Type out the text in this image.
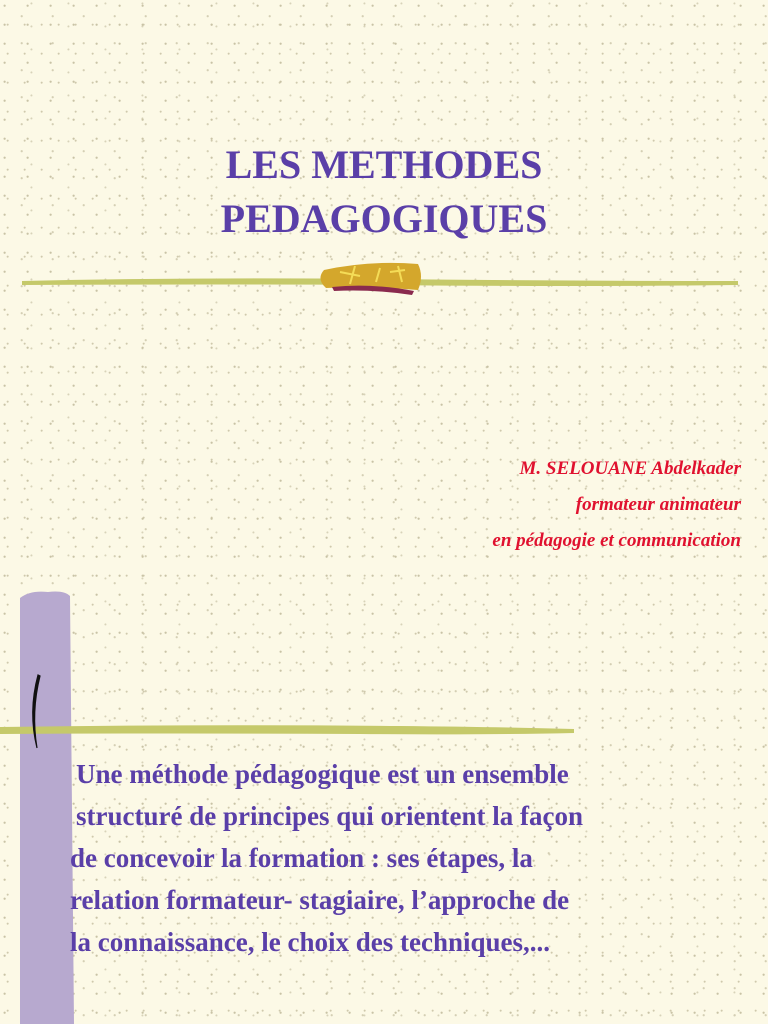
LES METHODES
PEDAGOGIQUES
M. SELOUANE Abdelkader
formateur animateur
en pédagogie et communication
Une méthode pédagogique est un ensemble
structuré de principes qui orientent la façon
de concevoir la formation : ses étapes, la
relation formateur- stagiaire, l’approche de
la connaissance, le choix des techniques,...
